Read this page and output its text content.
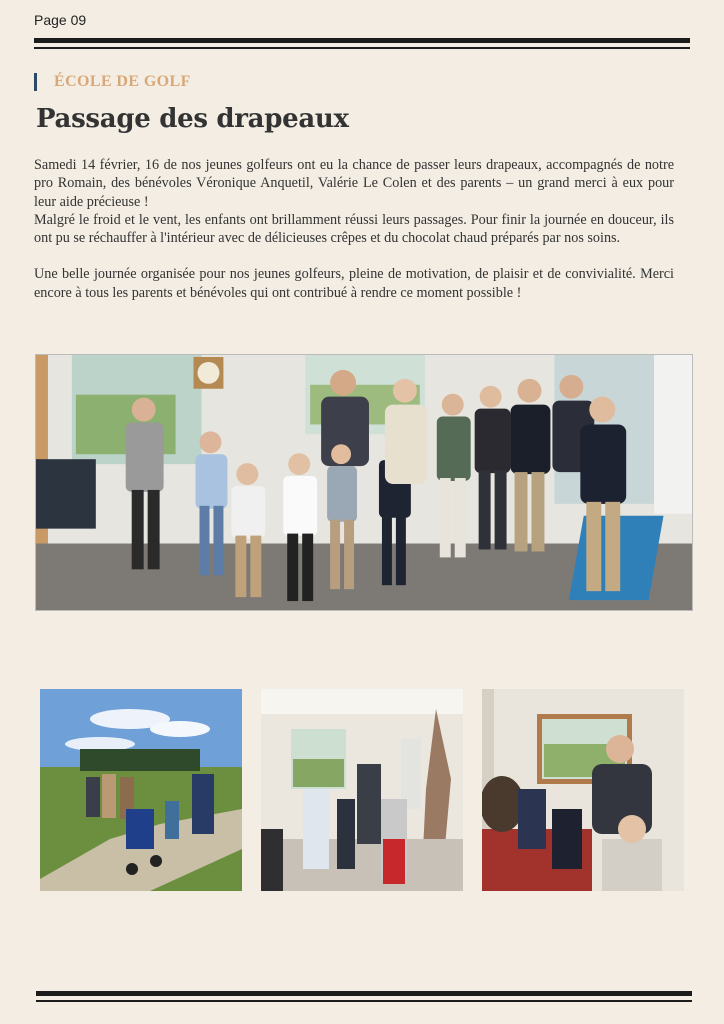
Page 09
ÉCOLE DE GOLF
Passage des drapeaux

Samedi 14 février, 16 de nos jeunes golfeurs ont eu la chance de passer leurs drapeaux, accompagnés de notre pro Romain, des bénévoles Véronique Anquetil, Valérie Le Colen et des parents – un grand merci à eux pour leur aide précieuse !

Malgré le froid et le vent, les enfants ont brillamment réussi leurs passages. Pour finir la journée en douceur, ils ont pu se réchauffer à l'intérieur avec de délicieuses crêpes et du chocolat chaud préparés par nos soins.

Une belle journée organisée pour nos jeunes golfeurs, pleine de motivation, de plaisir et de convivialité. Merci encore à tous les parents et bénévoles qui ont contribué à rendre ce moment possible !
